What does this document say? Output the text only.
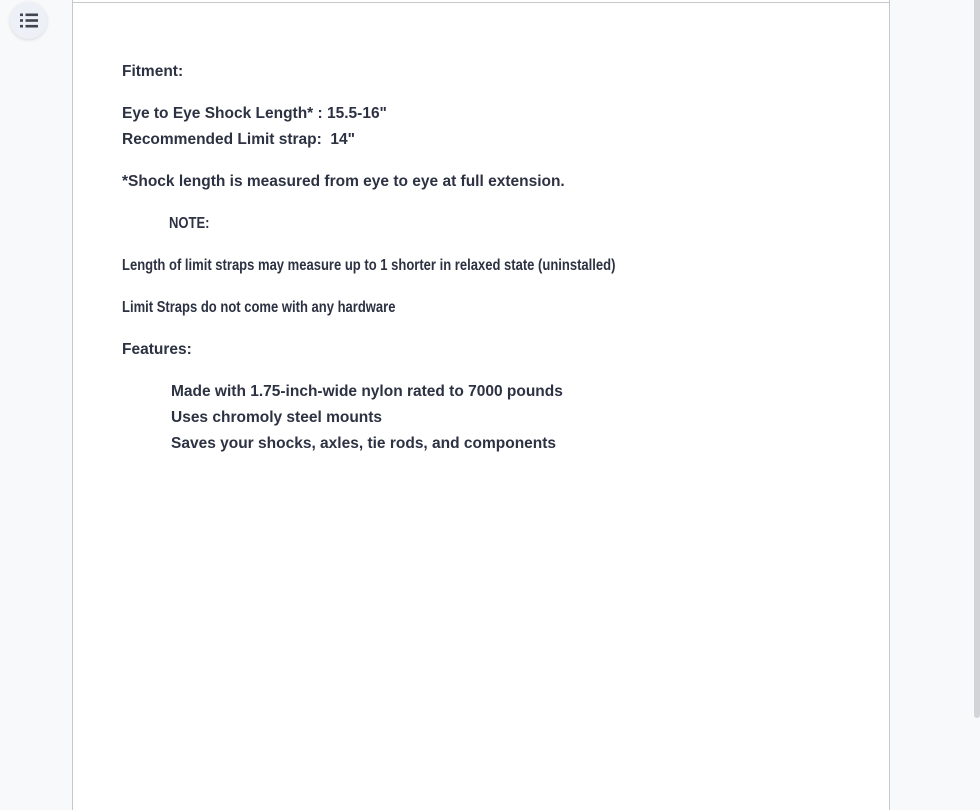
Fitment:

Eye to Eye Shock Length* : 15.5-16"
Recommended Limit strap:  14"

*Shock length is measured from eye to eye at full extension.

NOTE:

Length of limit straps may measure up to 1 shorter in relaxed state (uninstalled)

Limit Straps do not come with any hardware

Features:

Made with 1.75-inch-wide nylon rated to 7000 pounds
Uses chromoly steel mounts
Saves your shocks, axles, tie rods, and components
